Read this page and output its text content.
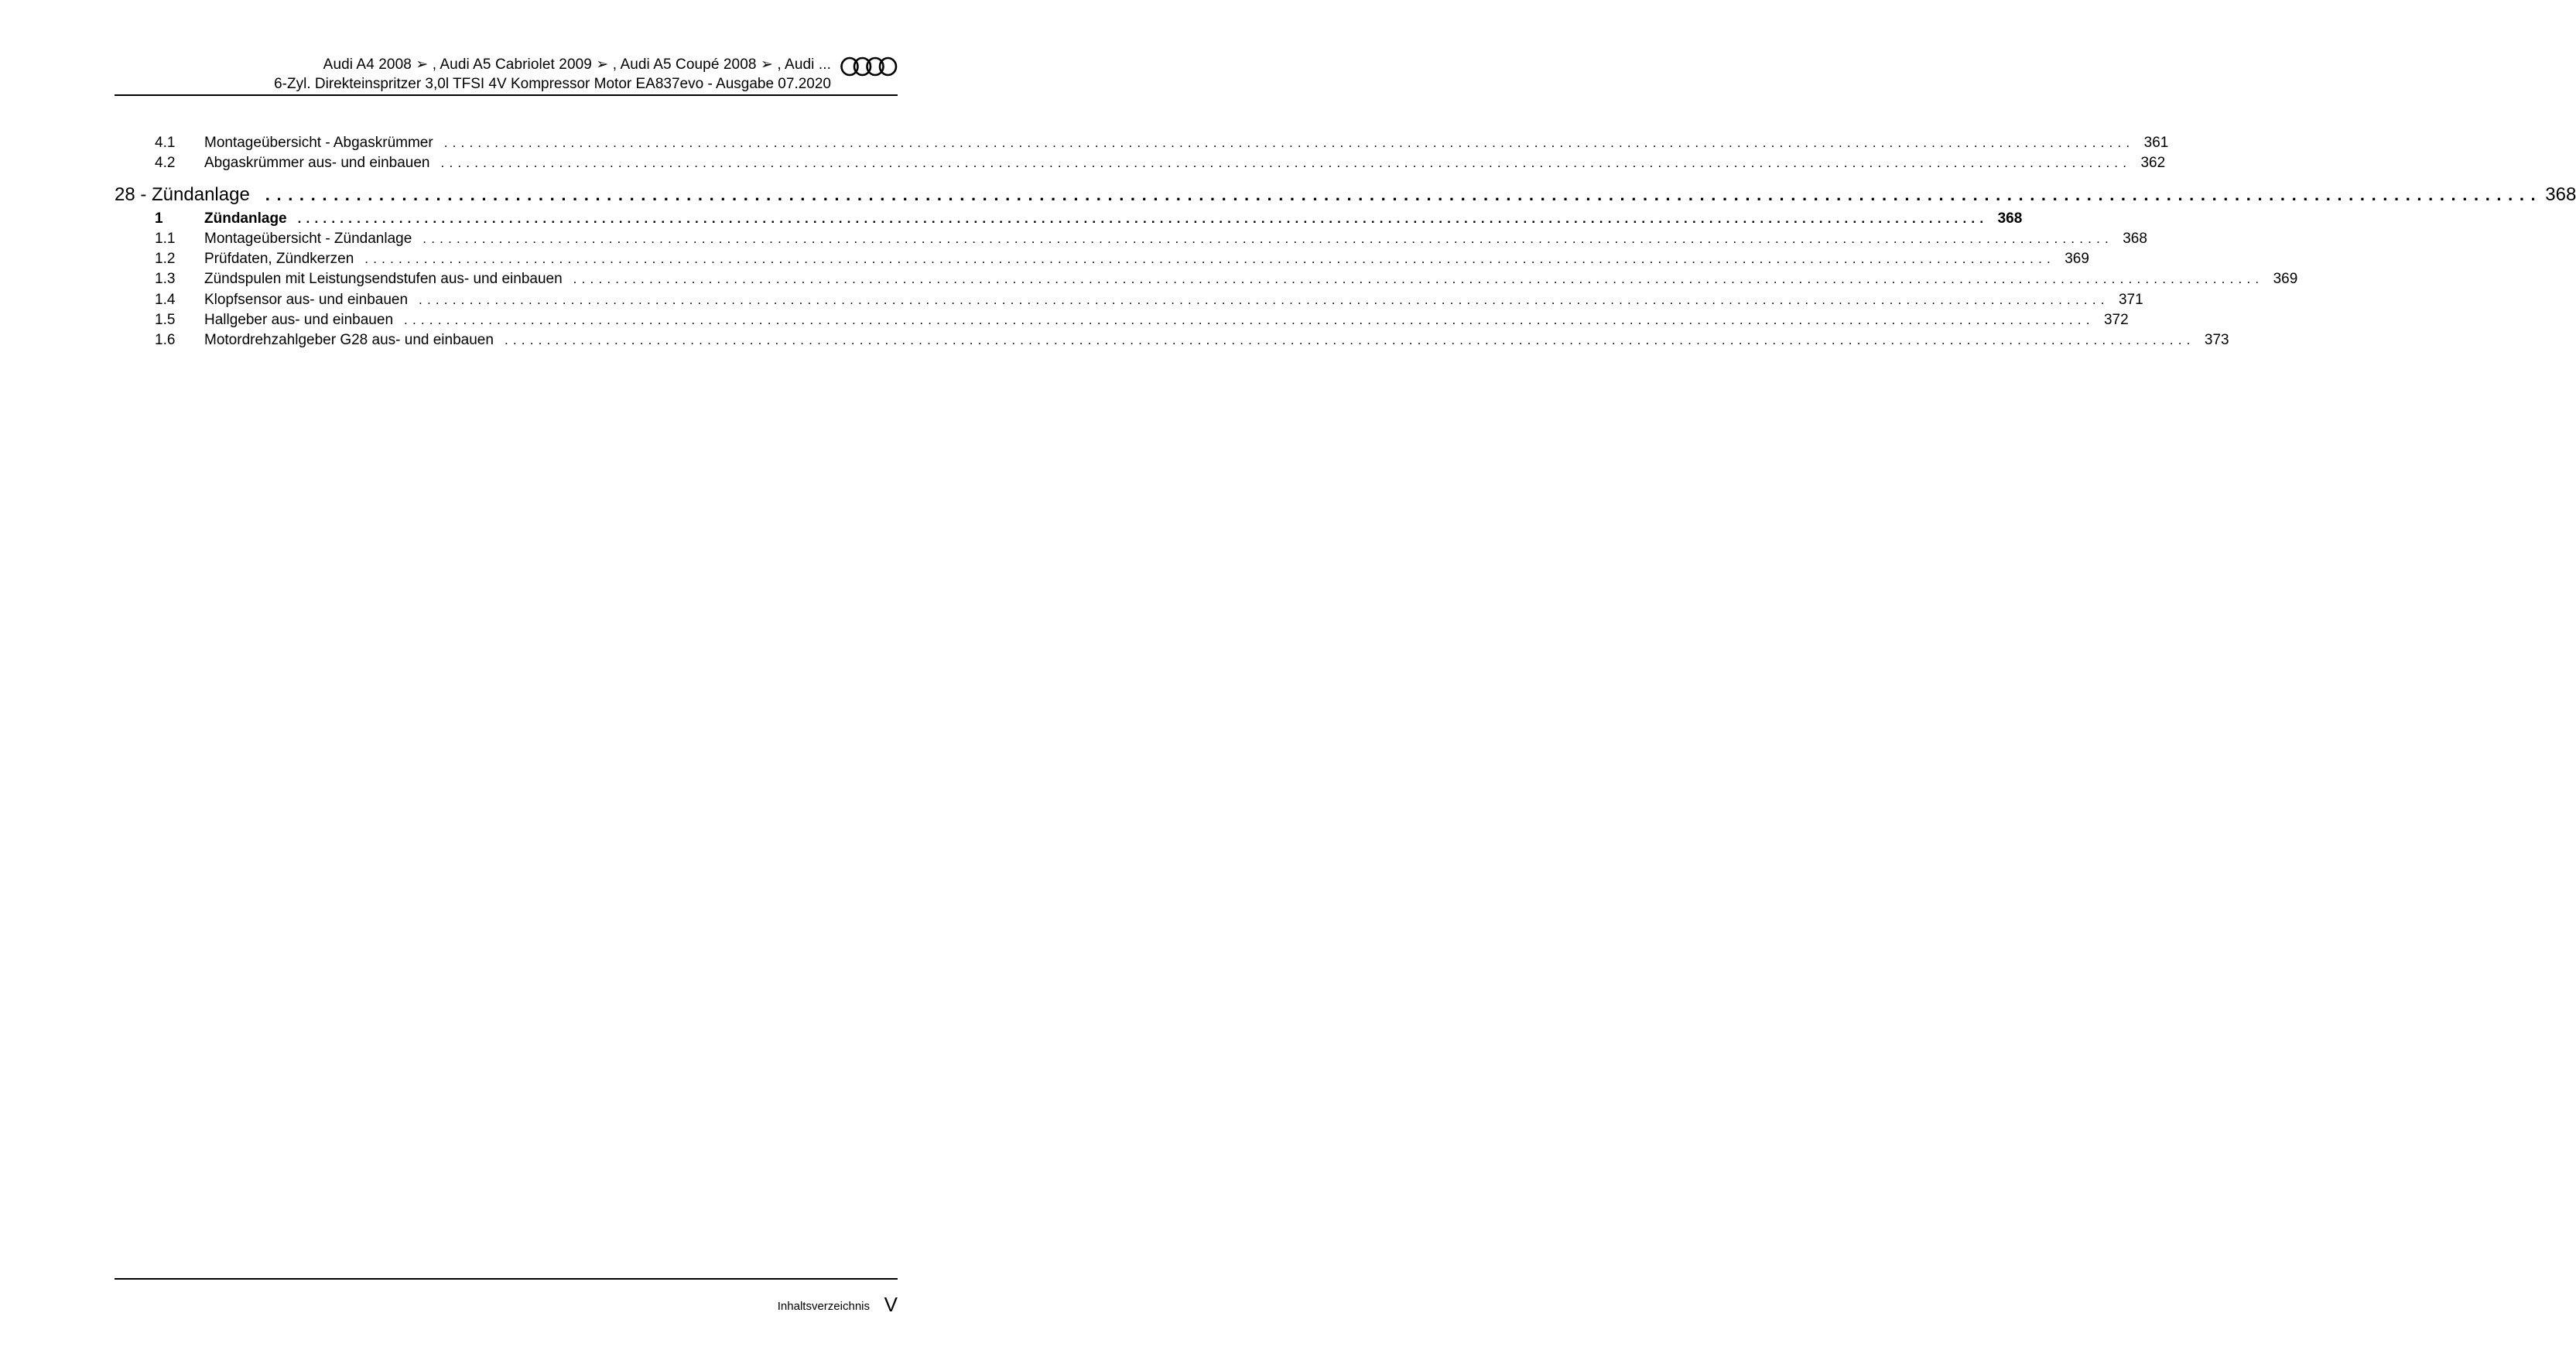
Audi A4 2008 ➢ , Audi A5 Cabriolet 2009 ➢ , Audi A5 Coupé 2008 ➢ , Audi ...
6-Zyl. Direkteinspritzer 3,0l TFSI 4V Kompressor Motor EA837evo - Ausgabe 07.2020
4.1	Montageübersicht - Abgaskrümmer ........................................................................................................................................................................................................ 361
4.2	Abgaskrümmer aus- und einbauen ........................................................................................................................................................................................................ 362
28 - Zündanlage ........................................................................................................................................................................................................ 368
1	Zündanlage ........................................................................................................................................................................................................ 368
1.1	Montageübersicht - Zündanlage ........................................................................................................................................................................................................ 368
1.2	Prüfdaten, Zündkerzen ........................................................................................................................................................................................................ 369
1.3	Zündspulen mit Leistungsendstufen aus- und einbauen ........................................................................................................................................................................................................ 369
1.4	Klopfsensor aus- und einbauen ........................................................................................................................................................................................................ 371
1.5	Hallgeber aus- und einbauen ........................................................................................................................................................................................................ 372
1.6	Motordrehzahlgeber G28 aus- und einbauen ........................................................................................................................................................................................................ 373
Inhaltsverzeichnis V
